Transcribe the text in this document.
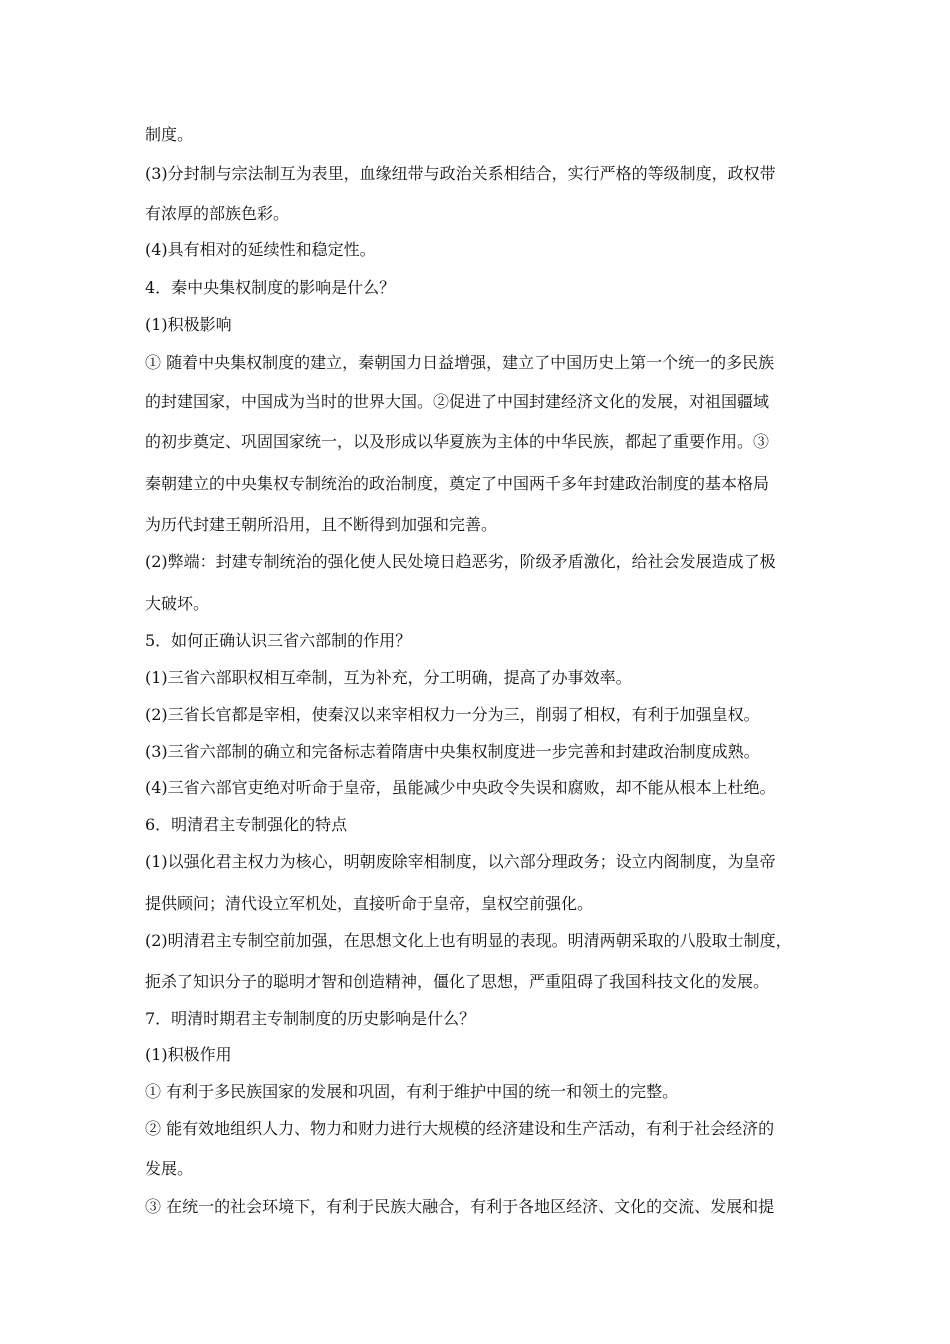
制度。

(3)分封制与宗法制互为表里，血缘纽带与政治关系相结合，实行严格的等级制度，政权带

有浓厚的部族色彩。

(4)具有相对的延续性和稳定性。

4．秦中央集权制度的影响是什么？

(1)积极影响

① 随着中央集权制度的建立，秦朝国力日益增强，建立了中国历史上第一个统一的多民族

的封建国家，中国成为当时的世界大国。②促进了中国封建经济文化的发展，对祖国疆域

的初步奠定、巩固国家统一，以及形成以华夏族为主体的中华民族，都起了重要作用。③

秦朝建立的中央集权专制统治的政治制度，奠定了中国两千多年封建政治制度的基本格局

为历代封建王朝所沿用，且不断得到加强和完善。

(2)弊端：封建专制统治的强化使人民处境日趋恶劣，阶级矛盾激化，给社会发展造成了极

大破坏。

5．如何正确认识三省六部制的作用？

(1)三省六部职权相互牵制，互为补充，分工明确，提高了办事效率。

(2)三省长官都是宰相，使秦汉以来宰相权力一分为三，削弱了相权，有利于加强皇权。

(3)三省六部制的确立和完备标志着隋唐中央集权制度进一步完善和封建政治制度成熟。

(4)三省六部官吏绝对听命于皇帝，虽能减少中央政令失误和腐败，却不能从根本上杜绝。

6．明清君主专制强化的特点

(1)以强化君主权力为核心，明朝废除宰相制度，以六部分理政务；设立内阁制度，为皇帝

提供顾问；清代设立军机处，直接听命于皇帝，皇权空前强化。

(2)明清君主专制空前加强，在思想文化上也有明显的表现。明清两朝采取的八股取士制度，

扼杀了知识分子的聪明才智和创造精神，僵化了思想，严重阻碍了我国科技文化的发展。

7．明清时期君主专制制度的历史影响是什么？

(1)积极作用

① 有利于多民族国家的发展和巩固，有利于维护中国的统一和领土的完整。

② 能有效地组织人力、物力和财力进行大规模的经济建设和生产活动，有利于社会经济的

发展。

③ 在统一的社会环境下，有利于民族大融合，有利于各地区经济、文化的交流、发展和提
